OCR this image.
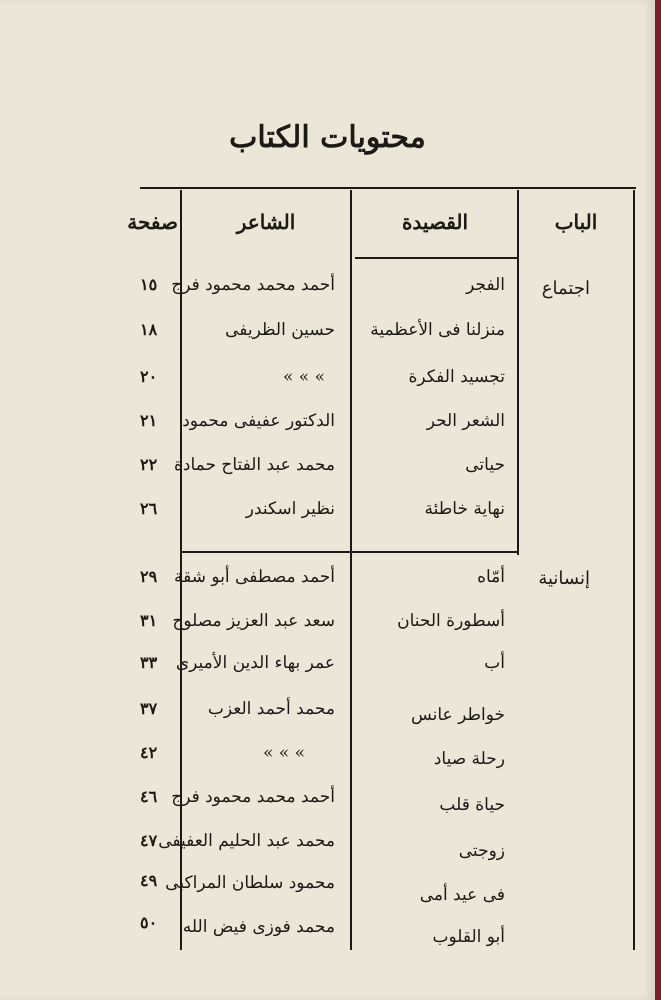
محتويات الكتاب
الباب
القصيدة
الشاعر
صفحة
اجتماع
الفجر
أحمد محمد محمود فرج
١٥
منزلنا فى الأعظمية
حسين الظريفى
١٨
تجسيد الفكرة
» » »
٢٠
الشعر الحر
الدكتور عفيفى محمود
٢١
حياتى
محمد عبد الفتاح حمادة
٢٢
نهاية خاطئة
نظير اسكندر
٢٦
إنسانية
أمّاه
أحمد مصطفى أبو شقة
٢٩
أسطورة الحنان
سعد عبد العزيز مصلوح
٣١
أب
عمر بهاء الدين الأميرى
٣٣
خواطر عانس
محمد أحمد العزب
٣٧
رحلة صياد
» » »
٤٢
حياة قلب
أحمد محمد محمود فرج
٤٦
زوجتى
محمد عبد الحليم العفيفى
٤٧
فى عيد أمى
محمود سلطان المراكبى
٤٩
أبو القلوب
محمد فوزى فيض الله
٥٠
